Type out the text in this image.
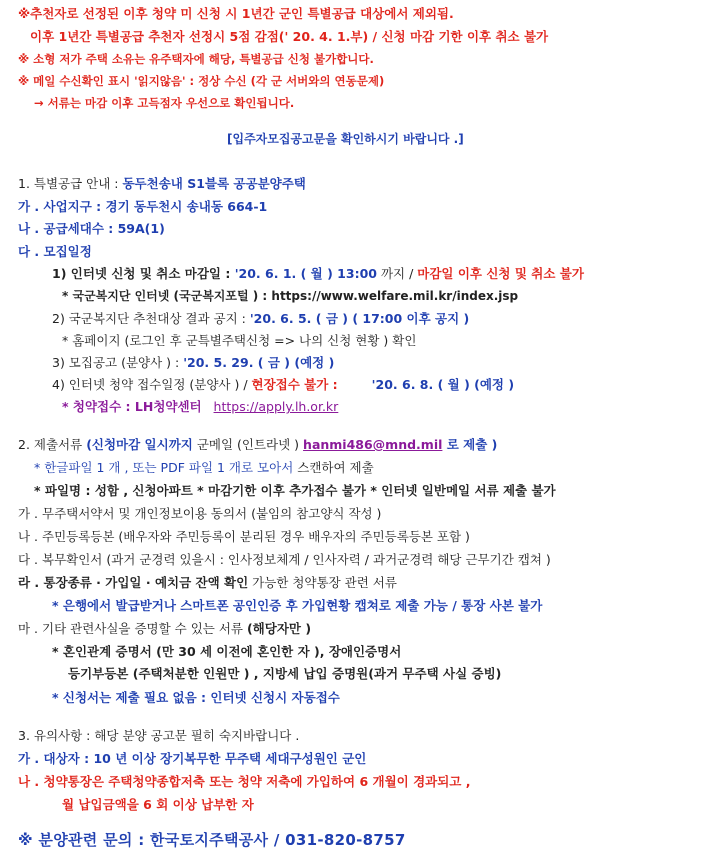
※추천자로 선정된 이후 청약 미 신청 시 1년간 군인 특별공급 대상에서 제외됨.
이후 1년간 특별공급 추천자 선정시 5점 감점(' 20. 4. 1.부) / 신청 마감 기한 이후 취소 불가
※ 소형 저가 주택 소유는 유주택자에 해당, 특별공급 신청 불가합니다.
※ 메일 수신확인 표시 '읽지않음' : 정상 수신 (각 군 서버와의 연동문제)
→ 서류는 마감 이후 고득점자 우선으로 확인됩니다.
[입주자모집공고문을 확인하시기 바랍니다 .]
1. 특별공급 안내 : 동두천송내 S1블록 공공분양주택
가 . 사업지구 : 경기 동두천시 송내동 664-1
나 . 공급세대수 : 59A(1)
다 . 모집일정
1) 인터넷 신청 및 취소 마감일 : '20. 6. 1. ( 월 ) 13:00 까지 / 마감일 이후 신청 및 취소 불가
* 국군복지단 인터넷 (국군복지포털 ) : https://www.welfare.mil.kr/index.jsp
2) 국군복지단 추천대상 결과 공지 : '20. 6. 5. ( 금 ) ( 17:00 이후 공지 )
* 홈페이지 (로그인 후 군특별주택신청 => 나의 신청 현황 ) 확인
3) 모집공고 (분양사 ) : '20. 5. 29. ( 금 ) (예정 )
4) 인터넷 청약 접수일정 (분양사 ) / 현장접수 불가 :	'20. 6. 8. ( 월 ) (예정 )
* 청약접수 : LH청약센터 https://apply.lh.or.kr
2. 제출서류 (신청마감 일시까지 군메일 (인트라넷 ) hanmi486@mnd.mil 로 제출 )
* 한글파일 1 개 , 또는 PDF 파일 1 개로 모아서 스캔하여 제출
* 파일명 : 성함 , 신청아파트 * 마감기한 이후 추가접수 불가 * 인터넷 일반메일 서류 제출 불가
가 . 무주택서약서 및 개인정보이용 동의서 (붙임의 참고양식 작성 )
나 . 주민등록등본 (배우자와 주민등록이 분리된 경우 배우자의 주민등록등본 포함 )
다 . 복무확인서 (과거 군경력 있을시 : 인사정보체계 / 인사자력 / 과거군경력 해당 근무기간 캡쳐 )
라 . 통장종류 · 가입일 · 예치금 잔액 확인 가능한 청약통장 관련 서류
* 은행에서 발급받거나 스마트폰 공인인증 후 가입현황 캡쳐로 제출 가능 / 통장 사본 불가
마 . 기타 관련사실을 증명할 수 있는 서류 (해당자만 )
* 혼인관계 증명서 (만 30 세 이전에 혼인한 자 ), 장애인증명서
등기부등본 (주택처분한 인원만 ) , 지방세 납입 증명원(과거 무주택 사실 증빙)
* 신청서는 제출 필요 없음 : 인터넷 신청시 자동접수
3. 유의사항 : 해당 분양 공고문 필히 숙지바랍니다 .
가 . 대상자 : 10 년 이상 장기복무한 무주택 세대구성원인 군인
나 . 청약통장은 주택청약종합저축 또는 청약 저축에 가입하여 6 개월이 경과되고 ,
월 납입금액을 6 회 이상 납부한 자
※ 분양관련 문의 : 한국토지주택공사 / 031-820-8757
